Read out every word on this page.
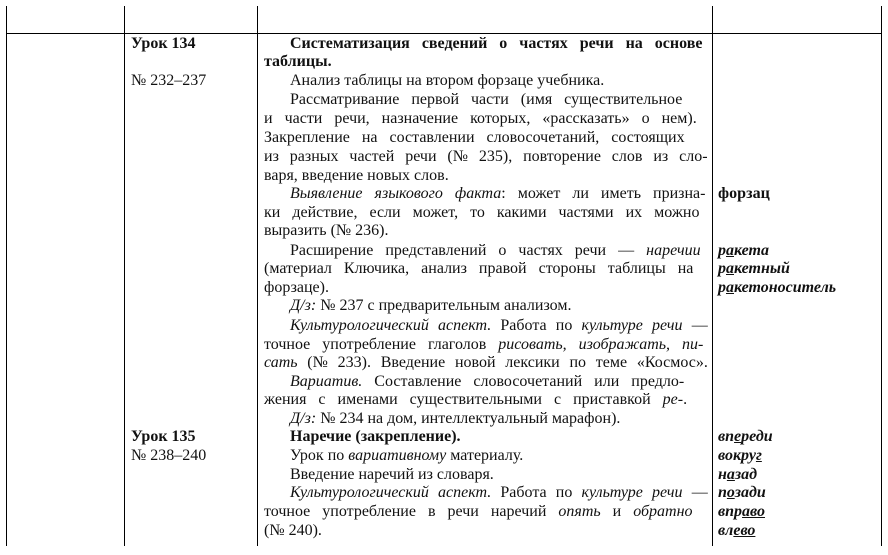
Урок 134
№ 232–237
Урок 135
№ 238–240
Систематизация сведений о частях речи на основе
таблицы.
Анализ таблицы на втором форзаце учебника.
Рассматривание первой части (имя существительное
и части речи, назначение которых, «рассказать» о нем).
Закрепление на составлении словосочетаний, состоящих
из разных частей речи (№ 235), повторение слов из сло-
варя, введение новых слов.
Выявление языкового факта: может ли иметь призна-
ки действие, если может, то какими частями их можно
выразить (№ 236).
Расширение представлений о частях речи — наречии
(материал Ключика, анализ правой стороны таблицы на
форзаце).
Д/з: № 237 с предварительным анализом.
Культурологический аспект. Работа по культуре речи —
точное употребление глаголов рисовать, изображать, пи-
сать (№ 233). Введение новой лексики по теме «Космос».
Вариатив. Составление словосочетаний или предло-
жения с именами существительными с приставкой ре-.
Д/з: № 234 на дом, интеллектуальный марафон).
Наречие (закрепление).
Урок по вариативному материалу.
Введение наречий из словаря.
Культурологический аспект. Работа по культуре речи —
точное употребление в речи наречий опять и обратно
(№ 240).
форзац
ракета
ракетный
ракетоноситель
впереди
вокруг
назад
позади
вправо
влево
